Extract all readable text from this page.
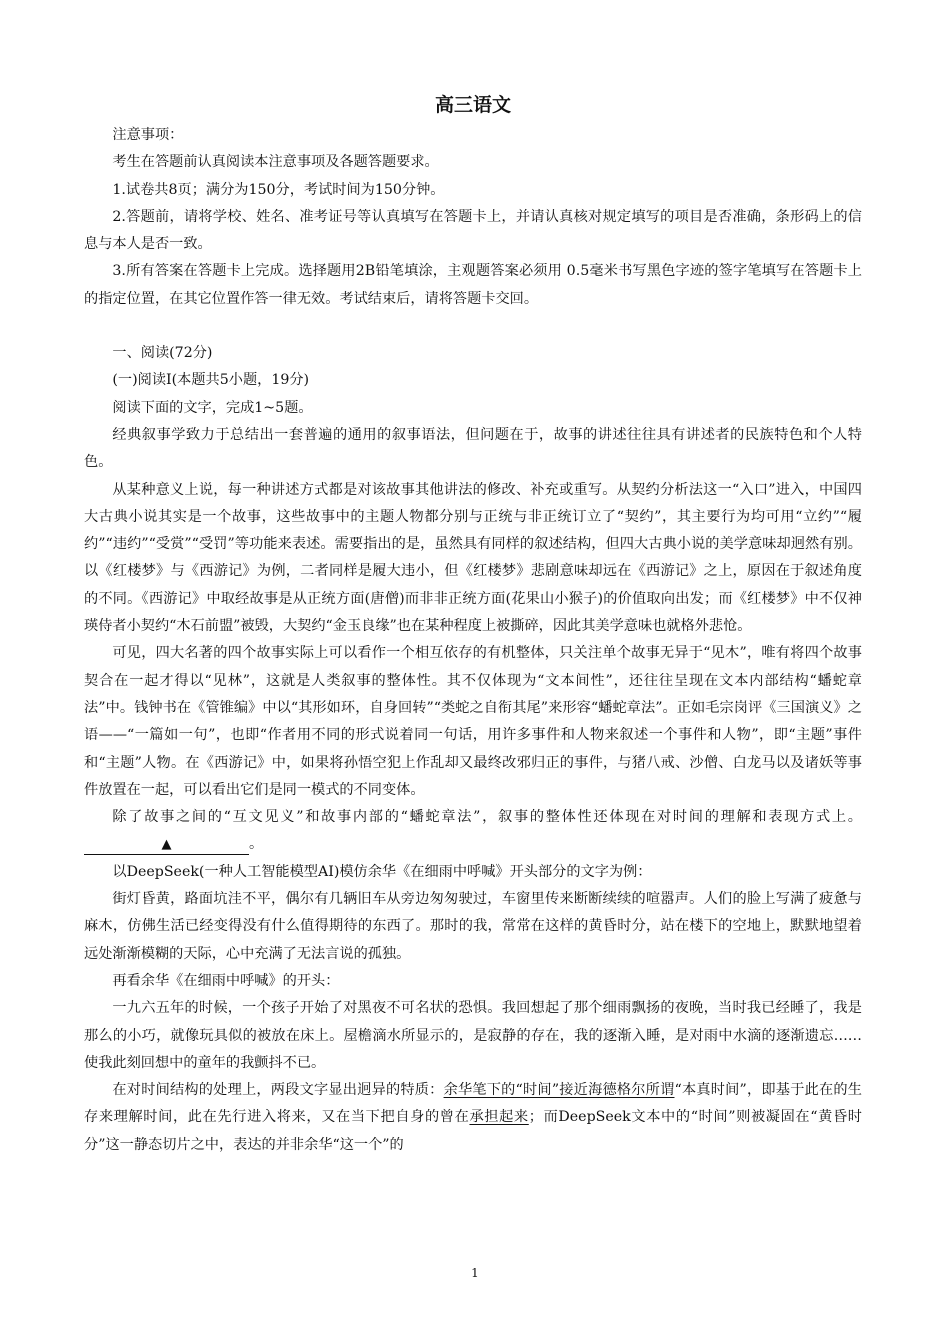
高三语文

注意事项：

考生在答题前认真阅读本注意事项及各题答题要求。

1.试卷共8页；满分为150分，考试时间为150分钟。

2.答题前，请将学校、姓名、准考证号等认真填写在答题卡上，并请认真核对规定填写的项目是否准确，条形码上的信息与本人是否一致。

3.所有答案在答题卡上完成。选择题用2B铅笔填涂，主观题答案必须用 0.5毫米书写黑色字迹的签字笔填写在答题卡上的指定位置，在其它位置作答一律无效。考试结束后，请将答题卡交回。

一、阅读(72分)

(一)阅读Ⅰ(本题共5小题，19分)

阅读下面的文字，完成1~5题。

经典叙事学致力于总结出一套普遍的通用的叙事语法，但问题在于，故事的讲述往往具有讲述者的民族特色和个人特色。

从某种意义上说，每一种讲述方式都是对该故事其他讲法的修改、补充或重写。从契约分析法这一“入口”进入，中国四大古典小说其实是一个故事，这些故事中的主题人物都分别与正统与非正统订立了“契约”，其主要行为均可用“立约”“履约”“违约”“受赏”“受罚”等功能来表述。需要指出的是，虽然具有同样的叙述结构，但四大古典小说的美学意味却迥然有别。以《红楼梦》与《西游记》为例，二者同样是履大违小，但《红楼梦》悲剧意味却远在《西游记》之上，原因在于叙述角度的不同。《西游记》中取经故事是从正统方面(唐僧)而非非正统方面(花果山小猴子)的价值取向出发；而《红楼梦》中不仅神瑛侍者小契约“木石前盟”被毁，大契约“金玉良缘”也在某种程度上被撕碎，因此其美学意味也就格外悲怆。

可见，四大名著的四个故事实际上可以看作一个相互依存的有机整体，只关注单个故事无异于“见木”，唯有将四个故事契合在一起才得以“见林”，这就是人类叙事的整体性。其不仅体现为“文本间性”，还往往呈现在文本内部结构“蟠蛇章法”中。钱钟书在《管锥编》中以“其形如环，自身回转”“类蛇之自衔其尾”来形容“蟠蛇章法”。正如毛宗岗评《三国演义》之语——“一篇如一句”，也即“作者用不同的形式说着同一句话，用许多事件和人物来叙述一个事件和人物”，即“主题”事件和“主题”人物。在《西游记》中，如果将孙悟空犯上作乱却又最终改邪归正的事件，与猪八戒、沙僧、白龙马以及诸妖等事件放置在一起，可以看出它们是同一模式的不同变体。

除了故事之间的“互文见义”和故事内部的“蟠蛇章法”，叙事的整体性还体现在对时间的理解和表现方式上。▲	。

以DeepSeek(一种人工智能模型AI)模仿余华《在细雨中呼喊》开头部分的文字为例：

街灯昏黄，路面坑洼不平，偶尔有几辆旧车从旁边匆匆驶过，车窗里传来断断续续的喧嚣声。人们的脸上写满了疲惫与麻木，仿佛生活已经变得没有什么值得期待的东西了。那时的我，常常在这样的黄昏时分，站在楼下的空地上，默默地望着远处渐渐模糊的天际，心中充满了无法言说的孤独。

再看余华《在细雨中呼喊》的开头：

一九六五年的时候，一个孩子开始了对黑夜不可名状的恐惧。我回想起了那个细雨飘扬的夜晚，当时我已经睡了，我是那么的小巧，就像玩具似的被放在床上。屋檐滴水所显示的，是寂静的存在，我的逐渐入睡，是对雨中水滴的逐渐遗忘……使我此刻回想中的童年的我颤抖不已。

在对时间结构的处理上，两段文字显出迥异的特质：余华笔下的“时间”接近海德格尔所谓“本真时间”，即基于此在的生存来理解时间，此在先行进入将来，又在当下把自身的曾在承担起来；而DeepSeek文本中的“时间”则被凝固在“黄昏时分”这一静态切片之中，表达的并非余华“这一个”的

1
